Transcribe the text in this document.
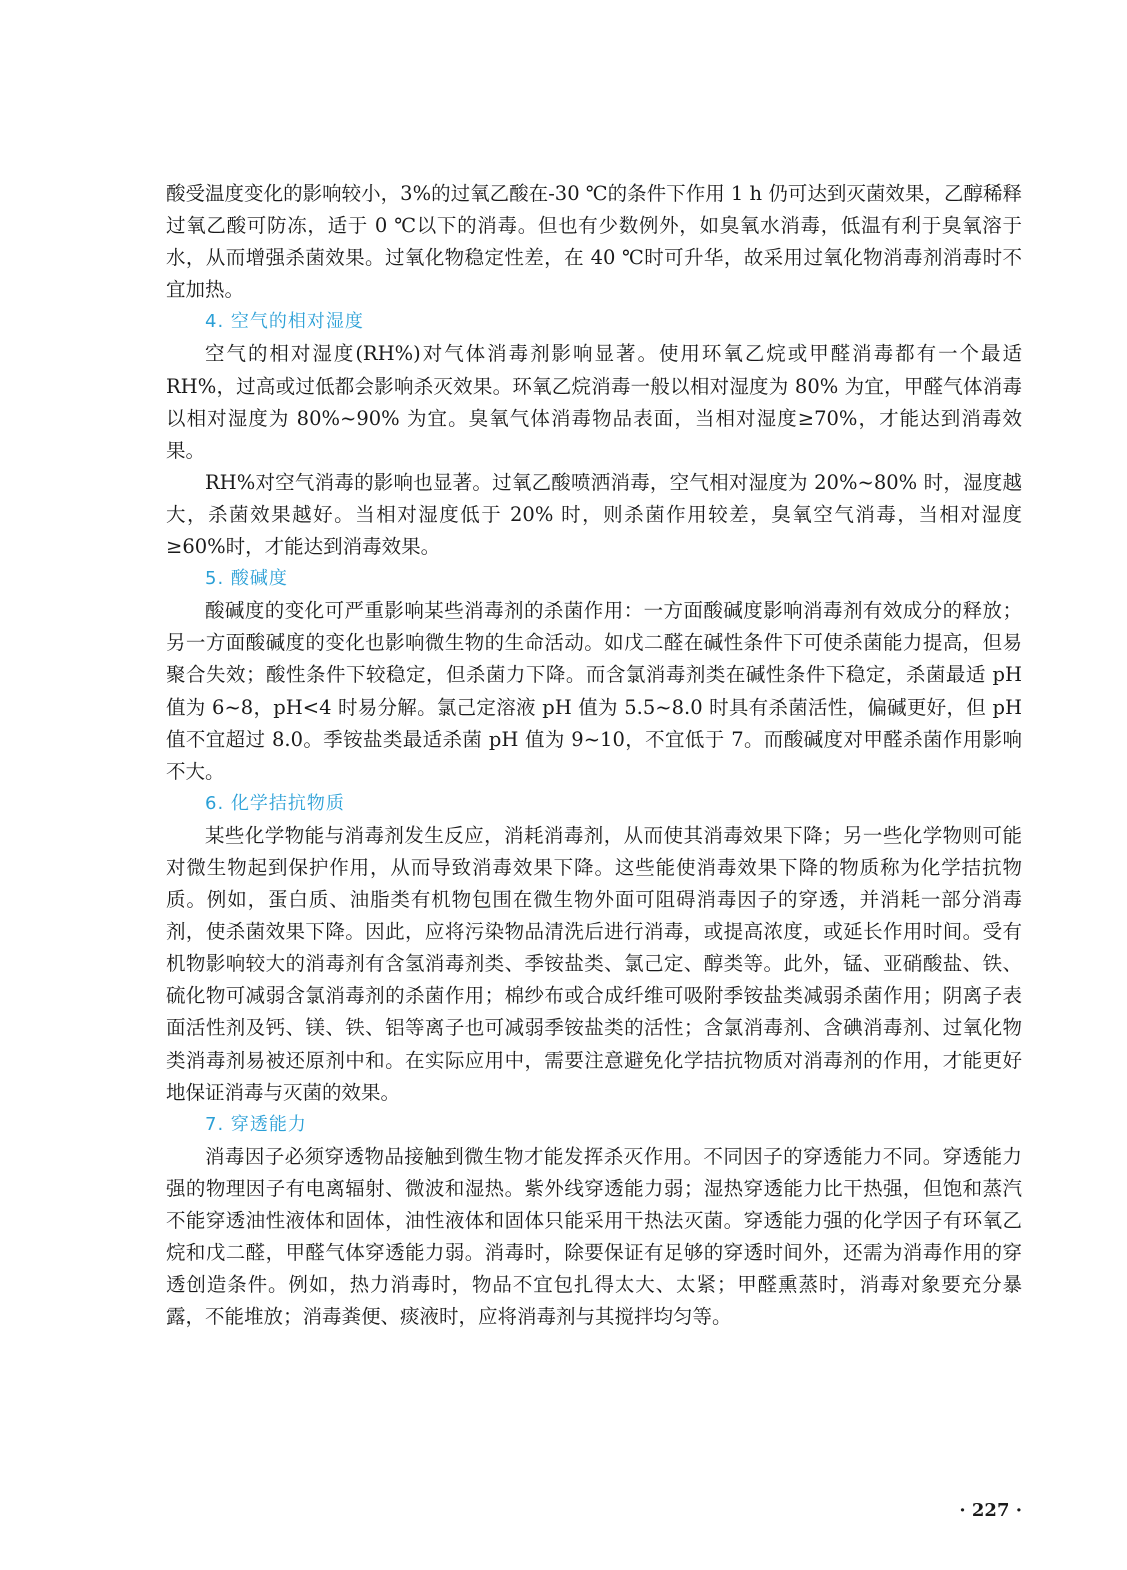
酸受温度变化的影响较小，3%的过氧乙酸在-30 ℃的条件下作用 1 h 仍可达到灭菌效果，乙醇稀释过氧乙酸可防冻，适于 0 ℃以下的消毒。但也有少数例外，如臭氧水消毒，低温有利于臭氧溶于水，从而增强杀菌效果。过氧化物稳定性差，在 40 ℃时可升华，故采用过氧化物消毒剂消毒时不宜加热。

4. 空气的相对湿度

空气的相对湿度(RH%)对气体消毒剂影响显著。使用环氧乙烷或甲醛消毒都有一个最适 RH%，过高或过低都会影响杀灭效果。环氧乙烷消毒一般以相对湿度为 80% 为宜，甲醛气体消毒以相对湿度为 80%~90% 为宜。臭氧气体消毒物品表面，当相对湿度≥70%，才能达到消毒效果。

RH%对空气消毒的影响也显著。过氧乙酸喷洒消毒，空气相对湿度为 20%~80% 时，湿度越大，杀菌效果越好。当相对湿度低于 20% 时，则杀菌作用较差，臭氧空气消毒，当相对湿度≥60%时，才能达到消毒效果。

5. 酸碱度

酸碱度的变化可严重影响某些消毒剂的杀菌作用：一方面酸碱度影响消毒剂有效成分的释放；另一方面酸碱度的变化也影响微生物的生命活动。如戊二醛在碱性条件下可使杀菌能力提高，但易聚合失效；酸性条件下较稳定，但杀菌力下降。而含氯消毒剂类在碱性条件下稳定，杀菌最适 pH 值为 6~8，pH<4 时易分解。氯己定溶液 pH 值为 5.5~8.0 时具有杀菌活性，偏碱更好，但 pH 值不宜超过 8.0。季铵盐类最适杀菌 pH 值为 9~10，不宜低于 7。而酸碱度对甲醛杀菌作用影响不大。

6. 化学拮抗物质

某些化学物能与消毒剂发生反应，消耗消毒剂，从而使其消毒效果下降；另一些化学物则可能对微生物起到保护作用，从而导致消毒效果下降。这些能使消毒效果下降的物质称为化学拮抗物质。例如，蛋白质、油脂类有机物包围在微生物外面可阻碍消毒因子的穿透，并消耗一部分消毒剂，使杀菌效果下降。因此，应将污染物品清洗后进行消毒，或提高浓度，或延长作用时间。受有机物影响较大的消毒剂有含氢消毒剂类、季铵盐类、氯己定、醇类等。此外，锰、亚硝酸盐、铁、硫化物可减弱含氯消毒剂的杀菌作用；棉纱布或合成纤维可吸附季铵盐类减弱杀菌作用；阴离子表面活性剂及钙、镁、铁、铝等离子也可减弱季铵盐类的活性；含氯消毒剂、含碘消毒剂、过氧化物类消毒剂易被还原剂中和。在实际应用中，需要注意避免化学拮抗物质对消毒剂的作用，才能更好地保证消毒与灭菌的效果。

7. 穿透能力

消毒因子必须穿透物品接触到微生物才能发挥杀灭作用。不同因子的穿透能力不同。穿透能力强的物理因子有电离辐射、微波和湿热。紫外线穿透能力弱；湿热穿透能力比干热强，但饱和蒸汽不能穿透油性液体和固体，油性液体和固体只能采用干热法灭菌。穿透能力强的化学因子有环氧乙烷和戊二醛，甲醛气体穿透能力弱。消毒时，除要保证有足够的穿透时间外，还需为消毒作用的穿透创造条件。例如，热力消毒时，物品不宜包扎得太大、太紧；甲醛熏蒸时，消毒对象要充分暴露，不能堆放；消毒粪便、痰液时，应将消毒剂与其搅拌均匀等。

· 227 ·
